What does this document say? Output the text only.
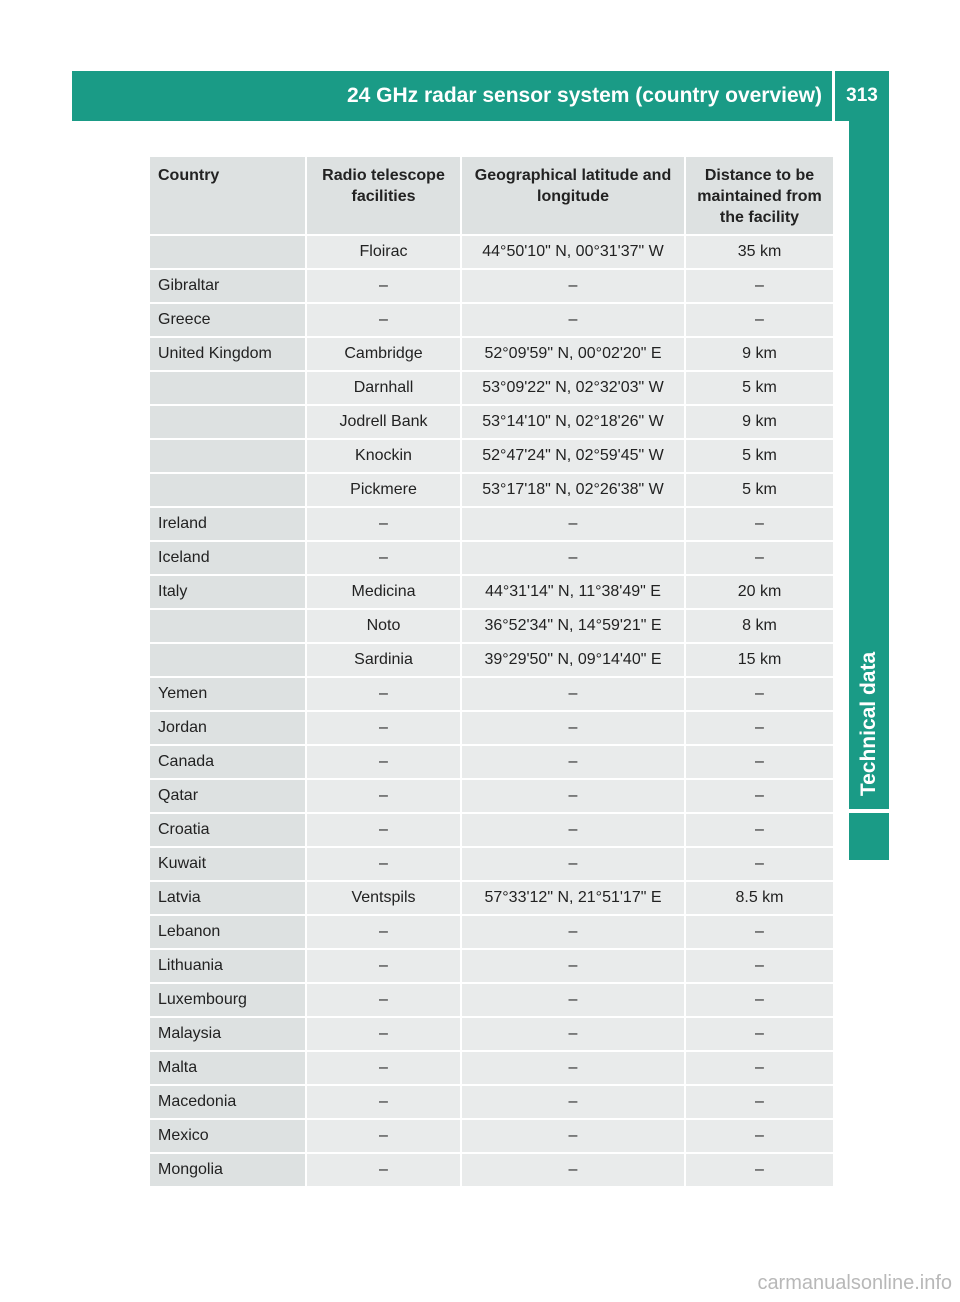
24 GHz radar sensor system (country overview)	313
Technical data
Country	Radio telescope facilities	Geographical latitude and longitude	Distance to be maintained from the facility
	Floirac	44°50'10" N, 00°31'37" W	35 km
Gibraltar	–	–	–
Greece	–	–	–
United Kingdom	Cambridge	52°09'59" N, 00°02'20" E	9 km
	Darnhall	53°09'22" N, 02°32'03" W	5 km
	Jodrell Bank	53°14'10" N, 02°18'26" W	9 km
	Knockin	52°47'24" N, 02°59'45" W	5 km
	Pickmere	53°17'18" N, 02°26'38" W	5 km
Ireland	–	–	–
Iceland	–	–	–
Italy	Medicina	44°31'14" N, 11°38'49" E	20 km
	Noto	36°52'34" N, 14°59'21" E	8 km
	Sardinia	39°29'50" N, 09°14'40" E	15 km
Yemen	–	–	–
Jordan	–	–	–
Canada	–	–	–
Qatar	–	–	–
Croatia	–	–	–
Kuwait	–	–	–
Latvia	Ventspils	57°33'12" N, 21°51'17" E	8.5 km
Lebanon	–	–	–
Lithuania	–	–	–
Luxembourg	–	–	–
Malaysia	–	–	–
Malta	–	–	–
Macedonia	–	–	–
Mexico	–	–	–
Mongolia	–	–	–
carmanualsonline.info
